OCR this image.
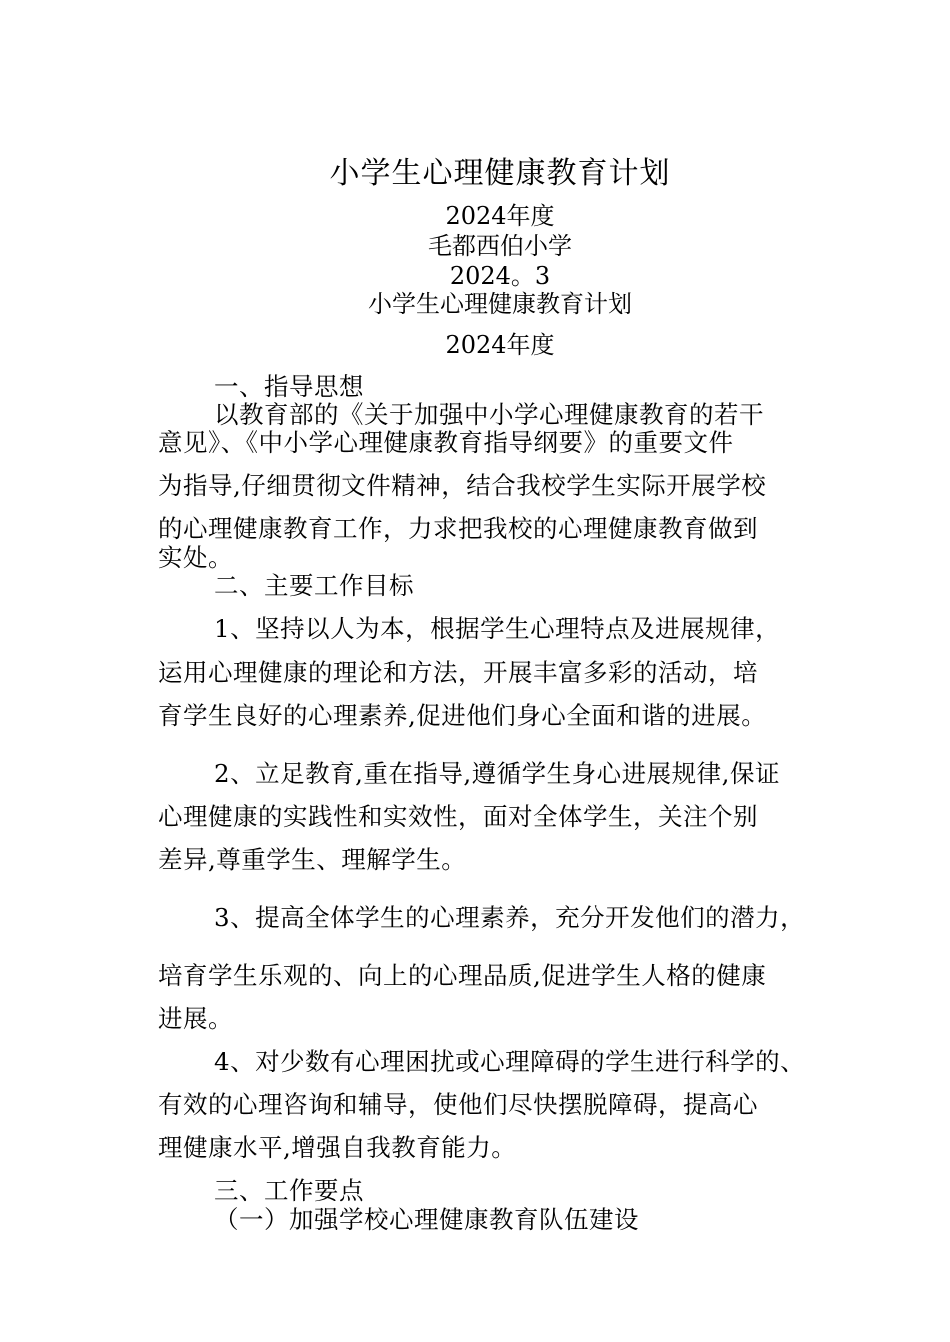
小学生心理健康教育计划
2024年度
毛都西伯小学
2024。3
小学生心理健康教育计划
2024年度
一、指导思想
以教育部的《关于加强中小学心理健康教育的若干
意见》、《中小学心理健康教育指导纲要》的重要文件
为指导,仔细贯彻文件精神，结合我校学生实际开展学校
的心理健康教育工作，力求把我校的心理健康教育做到
实处。
二、主要工作目标
1、坚持以人为本，根据学生心理特点及进展规律，
运用心理健康的理论和方法，开展丰富多彩的活动，培
育学生良好的心理素养,促进他们身心全面和谐的进展。
2、立足教育,重在指导,遵循学生身心进展规律,保证
心理健康的实践性和实效性，面对全体学生，关注个别
差异,尊重学生、理解学生。
3、提高全体学生的心理素养，充分开发他们的潜力，
培育学生乐观的、向上的心理品质,促进学生人格的健康
进展。
4、对少数有心理困扰或心理障碍的学生进行科学的、
有效的心理咨询和辅导，使他们尽快摆脱障碍，提高心
理健康水平,增强自我教育能力。
三、工作要点
（一）加强学校心理健康教育队伍建设
